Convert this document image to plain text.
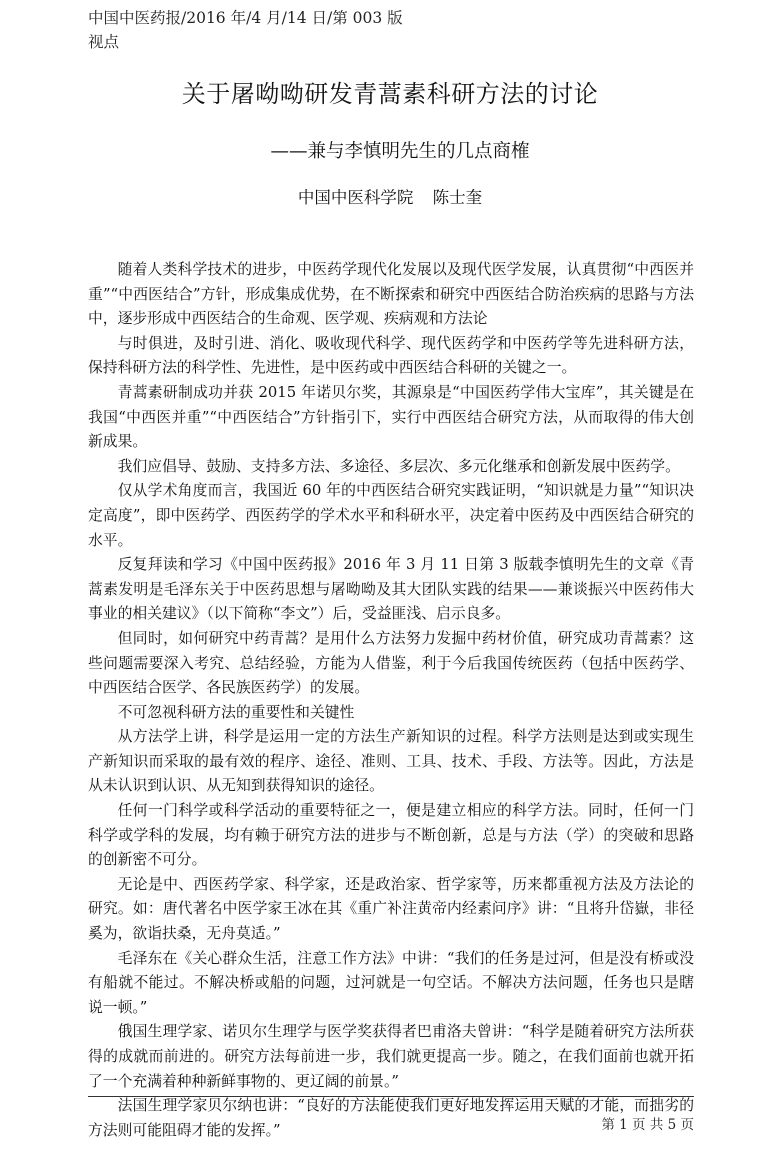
中国中医药报/2016 年/4 月/14 日/第 003 版
视点
关于屠呦呦研发青蒿素科研方法的讨论
——兼与李慎明先生的几点商榷
中国中医科学院 陈士奎

随着人类科学技术的进步，中医药学现代化发展以及现代医学发展，认真贯彻“中西医并重”“中西医结合”方针，形成集成优势，在不断探索和研究中西医结合防治疾病的思路与方法中，逐步形成中西医结合的生命观、医学观、疾病观和方法论

与时俱进，及时引进、消化、吸收现代科学、现代医药学和中医药学等先进科研方法，保持科研方法的科学性、先进性，是中医药或中西医结合科研的关键之一。

青蒿素研制成功并获 2015 年诺贝尔奖，其源泉是“中国医药学伟大宝库”，其关键是在我国“中西医并重”“中西医结合”方针指引下，实行中西医结合研究方法，从而取得的伟大创新成果。

我们应倡导、鼓励、支持多方法、多途径、多层次、多元化继承和创新发展中医药学。

仅从学术角度而言，我国近 60 年的中西医结合研究实践证明，“知识就是力量”“知识决定高度”，即中医药学、西医药学的学术水平和科研水平，决定着中医药及中西医结合研究的水平。

反复拜读和学习《中国中医药报》2016 年 3 月 11 日第 3 版载李慎明先生的文章《青蒿素发明是毛泽东关于中医药思想与屠呦呦及其大团队实践的结果——兼谈振兴中医药伟大事业的相关建议》（以下简称“李文”）后，受益匪浅、启示良多。

但同时，如何研究中药青蒿？是用什么方法努力发掘中药材价值，研究成功青蒿素？这些问题需要深入考究、总结经验，方能为人借鉴，利于今后我国传统医药（包括中医药学、中西医结合医学、各民族医药学）的发展。

不可忽视科研方法的重要性和关键性

从方法学上讲，科学是运用一定的方法生产新知识的过程。科学方法则是达到或实现生产新知识而采取的最有效的程序、途径、准则、工具、技术、手段、方法等。因此，方法是从未认识到认识、从无知到获得知识的途径。

任何一门科学或科学活动的重要特征之一，便是建立相应的科学方法。同时，任何一门科学或学科的发展，均有赖于研究方法的进步与不断创新，总是与方法（学）的突破和思路的创新密不可分。

无论是中、西医药学家、科学家，还是政治家、哲学家等，历来都重视方法及方法论的研究。如：唐代著名中医学家王冰在其《重广补注黄帝内经素问序》讲：“且将升岱嶽，非径奚为，欲诣扶桑，无舟莫适。”

毛泽东在《关心群众生活，注意工作方法》中讲：“我们的任务是过河，但是没有桥或没有船就不能过。不解决桥或船的问题，过河就是一句空话。不解决方法问题，任务也只是瞎说一顿。”

俄国生理学家、诺贝尔生理学与医学奖获得者巴甫洛夫曾讲：“科学是随着研究方法所获得的成就而前进的。研究方法每前进一步，我们就更提高一步。随之，在我们面前也就开拓了一个充满着种种新鲜事物的、更辽阔的前景。”

法国生理学家贝尔纳也讲：“良好的方法能使我们更好地发挥运用天赋的才能，而拙劣的方法则可能阻碍才能的发挥。”	第 1 页 共 5 页
